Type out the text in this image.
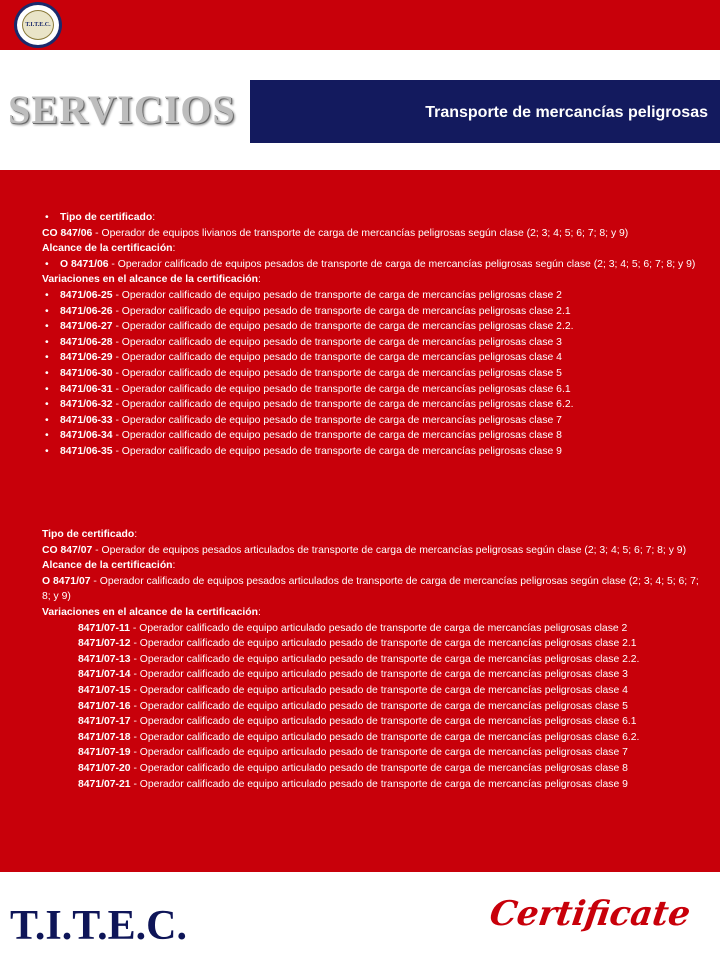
T.I.T.E.C.
SERVICIOS	Transporte de mercancías peligrosas
• Tipo de certificado:
CO 847/06 - Operador de equipos livianos de transporte de carga de mercancías peligrosas según clase (2; 3; 4; 5; 6; 7; 8; y 9)
Alcance de la certificación:
• O 8471/06 - Operador calificado de equipos pesados de transporte de carga de mercancías peligrosas según clase (2; 3; 4; 5; 6; 7; 8; y 9)
Variaciones en el alcance de la certificación:
• 8471/06-25 - Operador calificado de equipo pesado de transporte de carga de mercancías peligrosas clase 2
• 8471/06-26 - Operador calificado de equipo pesado de transporte de carga de mercancías peligrosas clase 2.1
• 8471/06-27 - Operador calificado de equipo pesado de transporte de carga de mercancías peligrosas clase 2.2.
• 8471/06-28 - Operador calificado de equipo pesado de transporte de carga de mercancías peligrosas clase 3
• 8471/06-29 - Operador calificado de equipo pesado de transporte de carga de mercancías peligrosas clase 4
• 8471/06-30 - Operador calificado de equipo pesado de transporte de carga de mercancías peligrosas clase 5
• 8471/06-31 - Operador calificado de equipo pesado de transporte de carga de mercancías peligrosas clase 6.1
• 8471/06-32 - Operador calificado de equipo pesado de transporte de carga de mercancías peligrosas clase 6.2.
• 8471/06-33 - Operador calificado de equipo pesado de transporte de carga de mercancías peligrosas clase 7
• 8471/06-34 - Operador calificado de equipo pesado de transporte de carga de mercancías peligrosas clase 8
• 8471/06-35 - Operador calificado de equipo pesado de transporte de carga de mercancías peligrosas clase 9
Tipo de certificado:
CO 847/07 - Operador de equipos pesados articulados de transporte de carga de mercancías peligrosas según clase (2; 3; 4; 5; 6; 7; 8; y 9)
Alcance de la certificación:
O 8471/07 - Operador calificado de equipos pesados articulados de transporte de carga de mercancías peligrosas según clase (2; 3; 4; 5; 6; 7; 8; y 9)
Variaciones en el alcance de la certificación:
8471/07-11 - Operador calificado de equipo articulado pesado de transporte de carga de mercancías peligrosas clase 2
8471/07-12 - Operador calificado de equipo articulado pesado de transporte de carga de mercancías peligrosas clase 2.1
8471/07-13 - Operador calificado de equipo articulado pesado de transporte de carga de mercancías peligrosas clase 2.2.
8471/07-14 - Operador calificado de equipo articulado pesado de transporte de carga de mercancías peligrosas clase 3
8471/07-15 - Operador calificado de equipo articulado pesado de transporte de carga de mercancías peligrosas clase 4
8471/07-16 - Operador calificado de equipo articulado pesado de transporte de carga de mercancías peligrosas clase 5
8471/07-17 - Operador calificado de equipo articulado pesado de transporte de carga de mercancías peligrosas clase 6.1
8471/07-18 - Operador calificado de equipo articulado pesado de transporte de carga de mercancías peligrosas clase 6.2.
8471/07-19 - Operador calificado de equipo articulado pesado de transporte de carga de mercancías peligrosas clase 7
8471/07-20 - Operador calificado de equipo articulado pesado de transporte de carga de mercancías peligrosas clase 8
8471/07-21 - Operador calificado de equipo articulado pesado de transporte de carga de mercancías peligrosas clase 9
T.I.T.E.C.	Certificate
